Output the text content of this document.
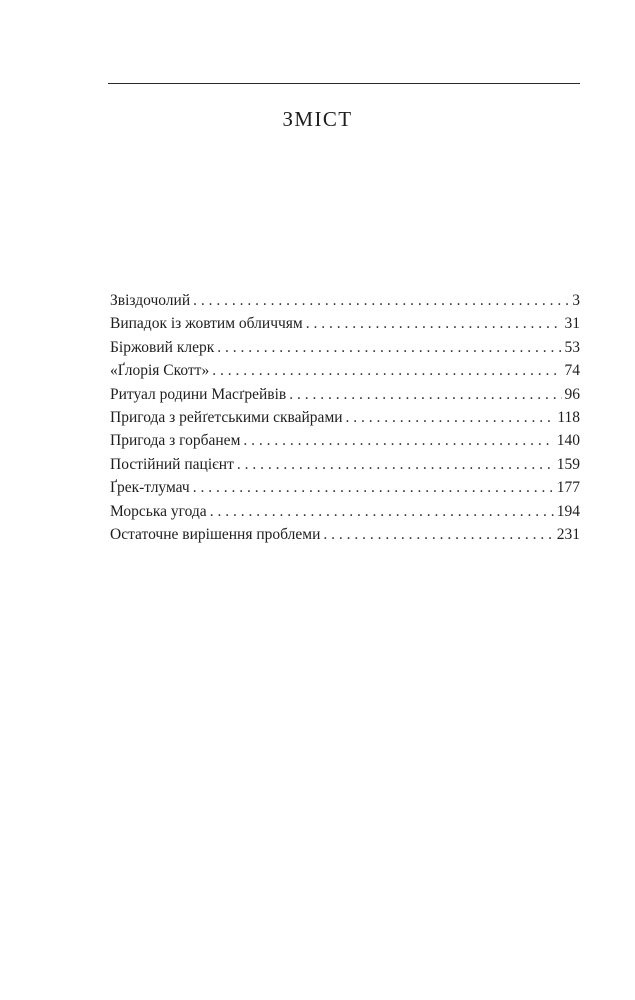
ЗМІСТ
Звіздочолий . . .	3
Випадок із жовтим обличчям . . .	31
Біржовий клерк . . .	53
«Ґлорія Скотт» . . .	74
Ритуал родини Масґрейвів . . .	96
Пригода з рейґетськими сквайрами . . .	118
Пригода з горбанем . . .	140
Постійний пацієнт . . .	159
Ґрек-тлумач . . .	177
Морська угода . . .	194
Остаточне вирішення проблеми . . .	231
